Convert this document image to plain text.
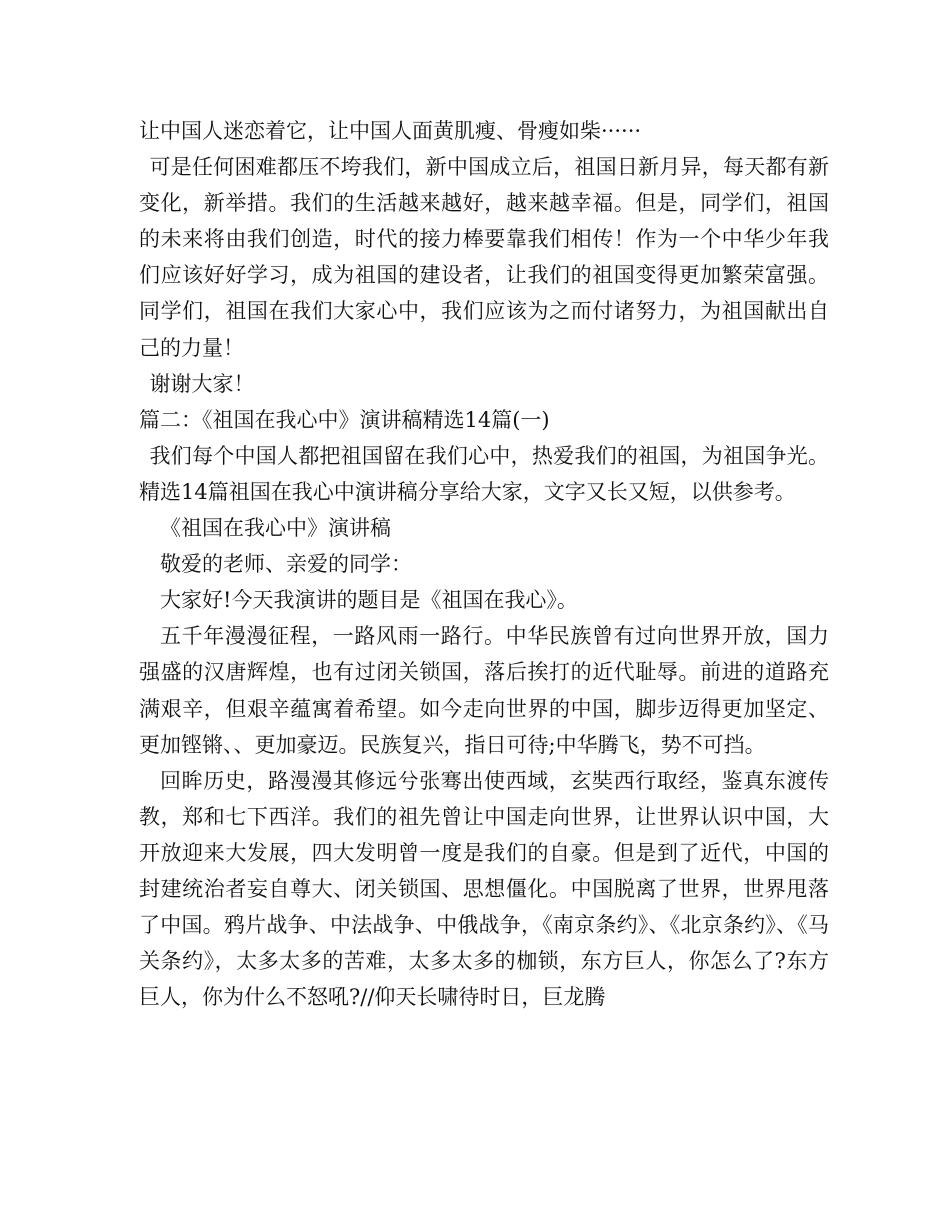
让中国人迷恋着它，让中国人面黄肌瘦、骨瘦如柴······

可是任何困难都压不垮我们，新中国成立后，祖国日新月异，每天都有新变化，新举措。我们的生活越来越好，越来越幸福。但是，同学们，祖国的未来将由我们创造，时代的接力棒要靠我们相传！作为一个中华少年我们应该好好学习，成为祖国的建设者，让我们的祖国变得更加繁荣富强。同学们，祖国在我们大家心中，我们应该为之而付诸努力，为祖国献出自己的力量！

谢谢大家！

篇二：《祖国在我心中》演讲稿精选14篇(一)

我们每个中国人都把祖国留在我们心中，热爱我们的祖国，为祖国争光。精选14篇祖国在我心中演讲稿分享给大家，文字又长又短，以供参考。

《祖国在我心中》演讲稿

敬爱的老师、亲爱的同学：

大家好!今天我演讲的题目是《祖国在我心》。

五千年漫漫征程，一路风雨一路行。中华民族曾有过向世界开放，国力强盛的汉唐辉煌，也有过闭关锁国，落后挨打的近代耻辱。前进的道路充满艰辛，但艰辛蕴寓着希望。如今走向世界的中国，脚步迈得更加坚定、更加铿锵、、更加豪迈。民族复兴，指日可待;中华腾飞，势不可挡。

回眸历史，路漫漫其修远兮张骞出使西域，玄奘西行取经，鉴真东渡传教，郑和七下西洋。我们的祖先曾让中国走向世界，让世界认识中国，大开放迎来大发展，四大发明曾一度是我们的自豪。但是到了近代，中国的封建统治者妄自尊大、闭关锁国、思想僵化。中国脱离了世界，世界甩落了中国。鸦片战争、中法战争、中俄战争，《南京条约》、《北京条约》、《马关条约》，太多太多的苦难，太多太多的枷锁，东方巨人，你怎么了?东方巨人，你为什么不怒吼?//仰天长啸待时日，巨龙腾
